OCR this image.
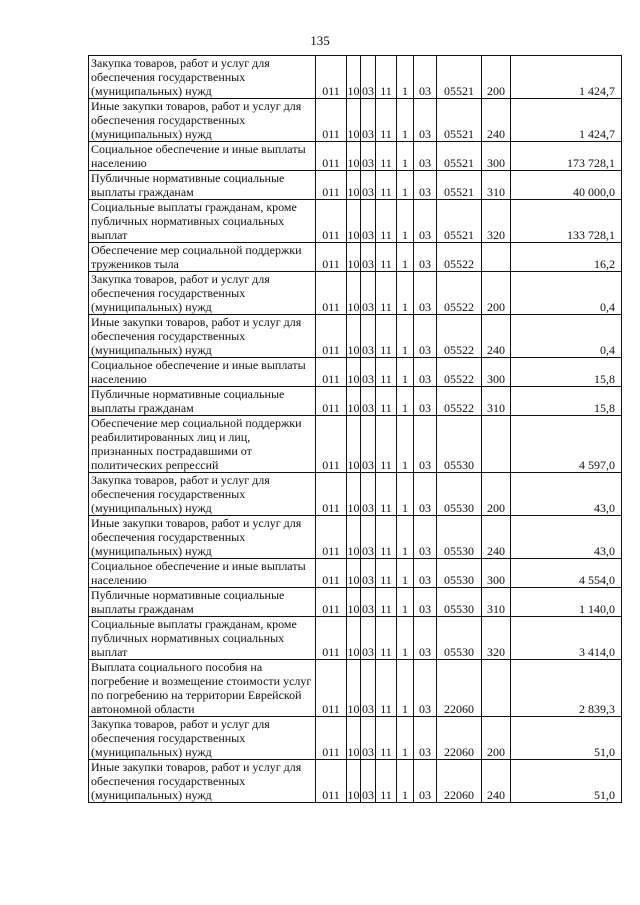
135
Закупка товаров, работ и услуг для обеспечения государственных (муниципальных) нужд	011	10	03	11	1	03	05521	200	1 424,7
Иные закупки товаров, работ и услуг для обеспечения государственных (муниципальных) нужд	011	10	03	11	1	03	05521	240	1 424,7
Социальное обеспечение и иные выплаты населению	011	10	03	11	1	03	05521	300	173 728,1
Публичные нормативные социальные выплаты гражданам	011	10	03	11	1	03	05521	310	40 000,0
Социальные выплаты гражданам, кроме публичных нормативных социальных выплат	011	10	03	11	1	03	05521	320	133 728,1
Обеспечение мер социальной поддержки тружеников тыла	011	10	03	11	1	03	05522		16,2
Закупка товаров, работ и услуг для обеспечения государственных (муниципальных) нужд	011	10	03	11	1	03	05522	200	0,4
Иные закупки товаров, работ и услуг для обеспечения государственных (муниципальных) нужд	011	10	03	11	1	03	05522	240	0,4
Социальное обеспечение и иные выплаты населению	011	10	03	11	1	03	05522	300	15,8
Публичные нормативные социальные выплаты гражданам	011	10	03	11	1	03	05522	310	15,8
Обеспечение мер социальной поддержки реабилитированных лиц и лиц, признанных пострадавшими от политических репрессий	011	10	03	11	1	03	05530		4 597,0
Закупка товаров, работ и услуг для обеспечения государственных (муниципальных) нужд	011	10	03	11	1	03	05530	200	43,0
Иные закупки товаров, работ и услуг для обеспечения государственных (муниципальных) нужд	011	10	03	11	1	03	05530	240	43,0
Социальное обеспечение и иные выплаты населению	011	10	03	11	1	03	05530	300	4 554,0
Публичные нормативные социальные выплаты гражданам	011	10	03	11	1	03	05530	310	1 140,0
Социальные выплаты гражданам, кроме публичных нормативных социальных выплат	011	10	03	11	1	03	05530	320	3 414,0
Выплата социального пособия на погребение и возмещение стоимости услуг по погребению на территории Еврейской автономной области	011	10	03	11	1	03	22060		2 839,3
Закупка товаров, работ и услуг для обеспечения государственных (муниципальных) нужд	011	10	03	11	1	03	22060	200	51,0
Иные закупки товаров, работ и услуг для обеспечения государственных (муниципальных) нужд	011	10	03	11	1	03	22060	240	51,0
